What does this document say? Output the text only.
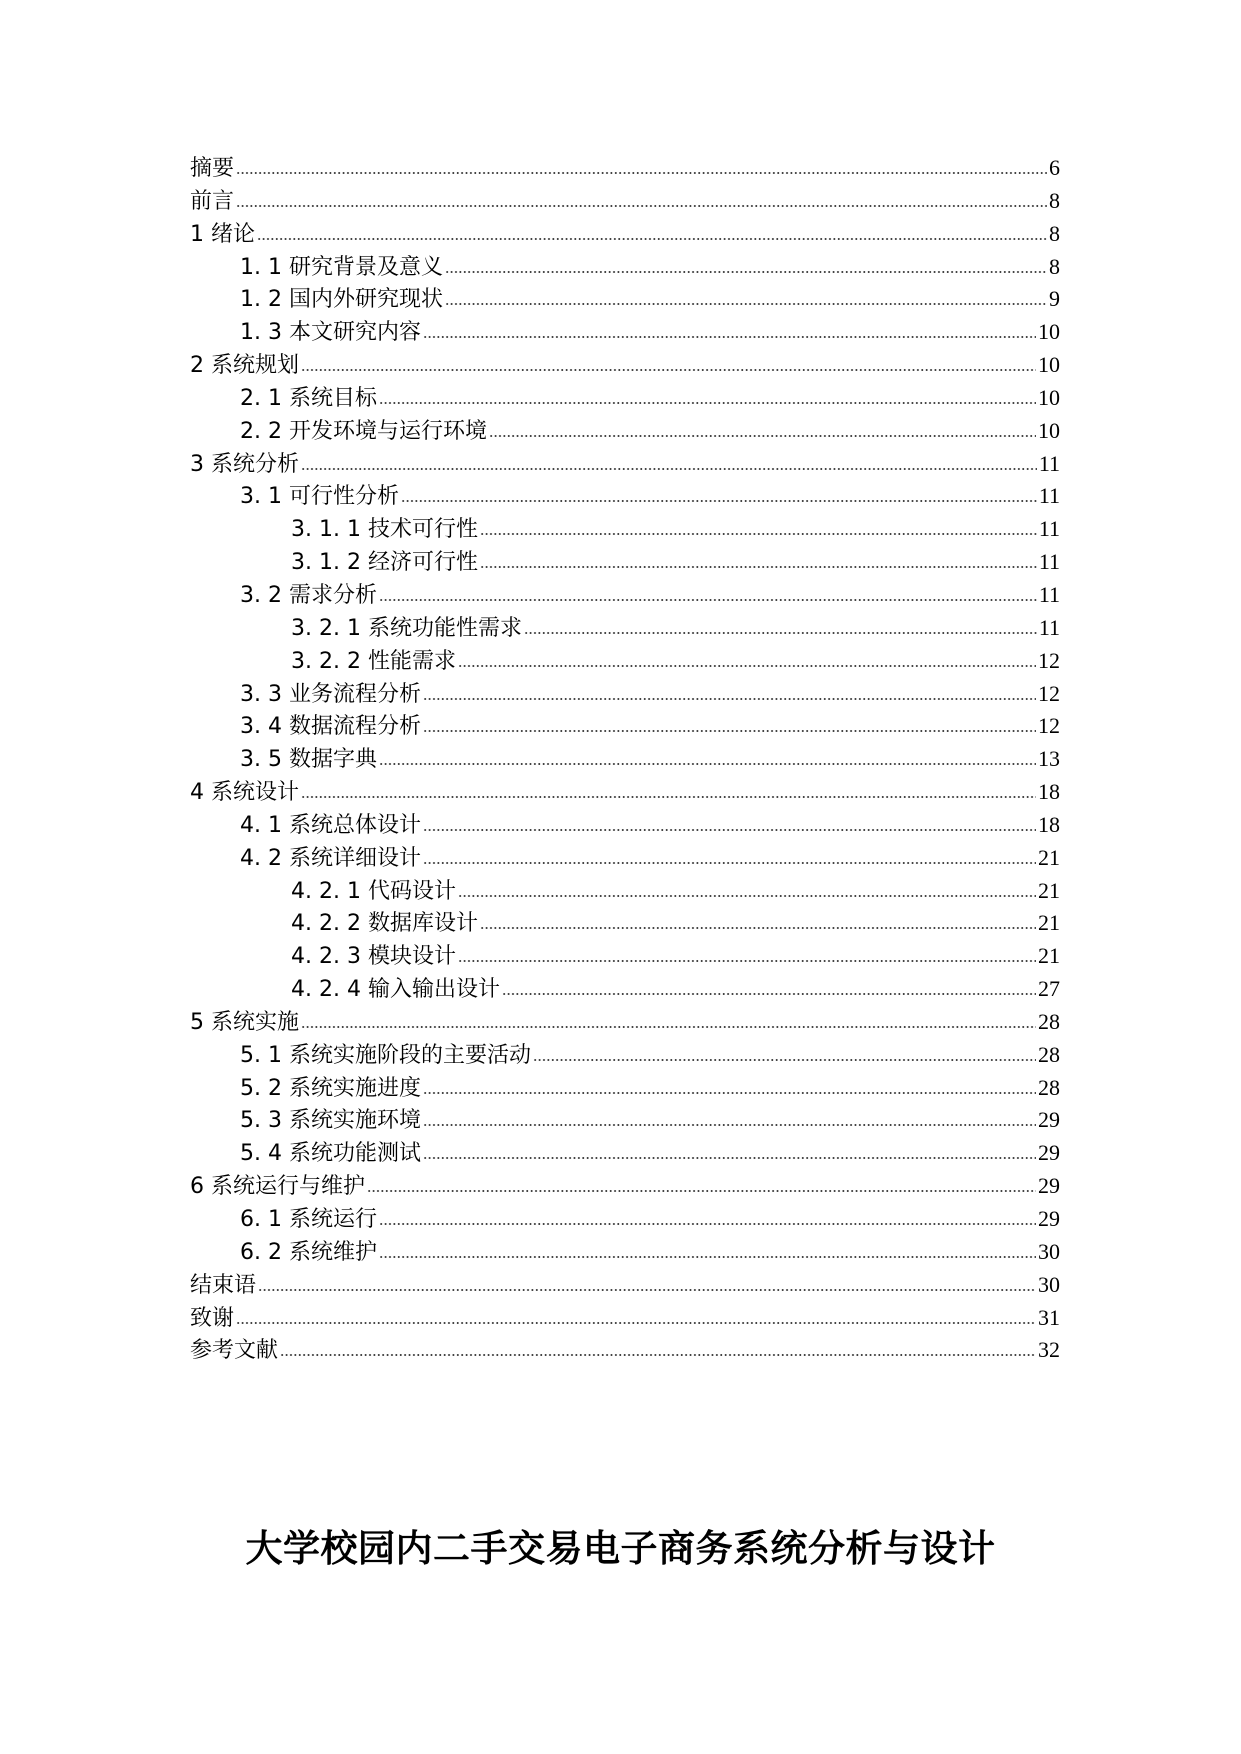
摘要	6
前言	8
1 绪论	8
1. 1 研究背景及意义	8
1. 2 国内外研究现状	9
1. 3 本文研究内容	10
2 系统规划	10
2. 1 系统目标	10
2. 2 开发环境与运行环境	10
3 系统分析	11
3. 1 可行性分析	11
3. 1. 1 技术可行性	11
3. 1. 2 经济可行性	11
3. 2 需求分析	11
3. 2. 1 系统功能性需求	11
3. 2. 2 性能需求	12
3. 3 业务流程分析	12
3. 4 数据流程分析	12
3. 5 数据字典	13
4 系统设计	18
4. 1 系统总体设计	18
4. 2 系统详细设计	21
4. 2. 1 代码设计	21
4. 2. 2 数据库设计	21
4. 2. 3 模块设计	21
4. 2. 4 输入输出设计	27
5 系统实施	28
5. 1 系统实施阶段的主要活动	28
5. 2 系统实施进度	28
5. 3 系统实施环境	29
5. 4 系统功能测试	29
6 系统运行与维护	29
6. 1 系统运行	29
6. 2 系统维护	30
结束语	30
致谢	31
参考文献	32
大学校园内二手交易电子商务系统分析与设计
